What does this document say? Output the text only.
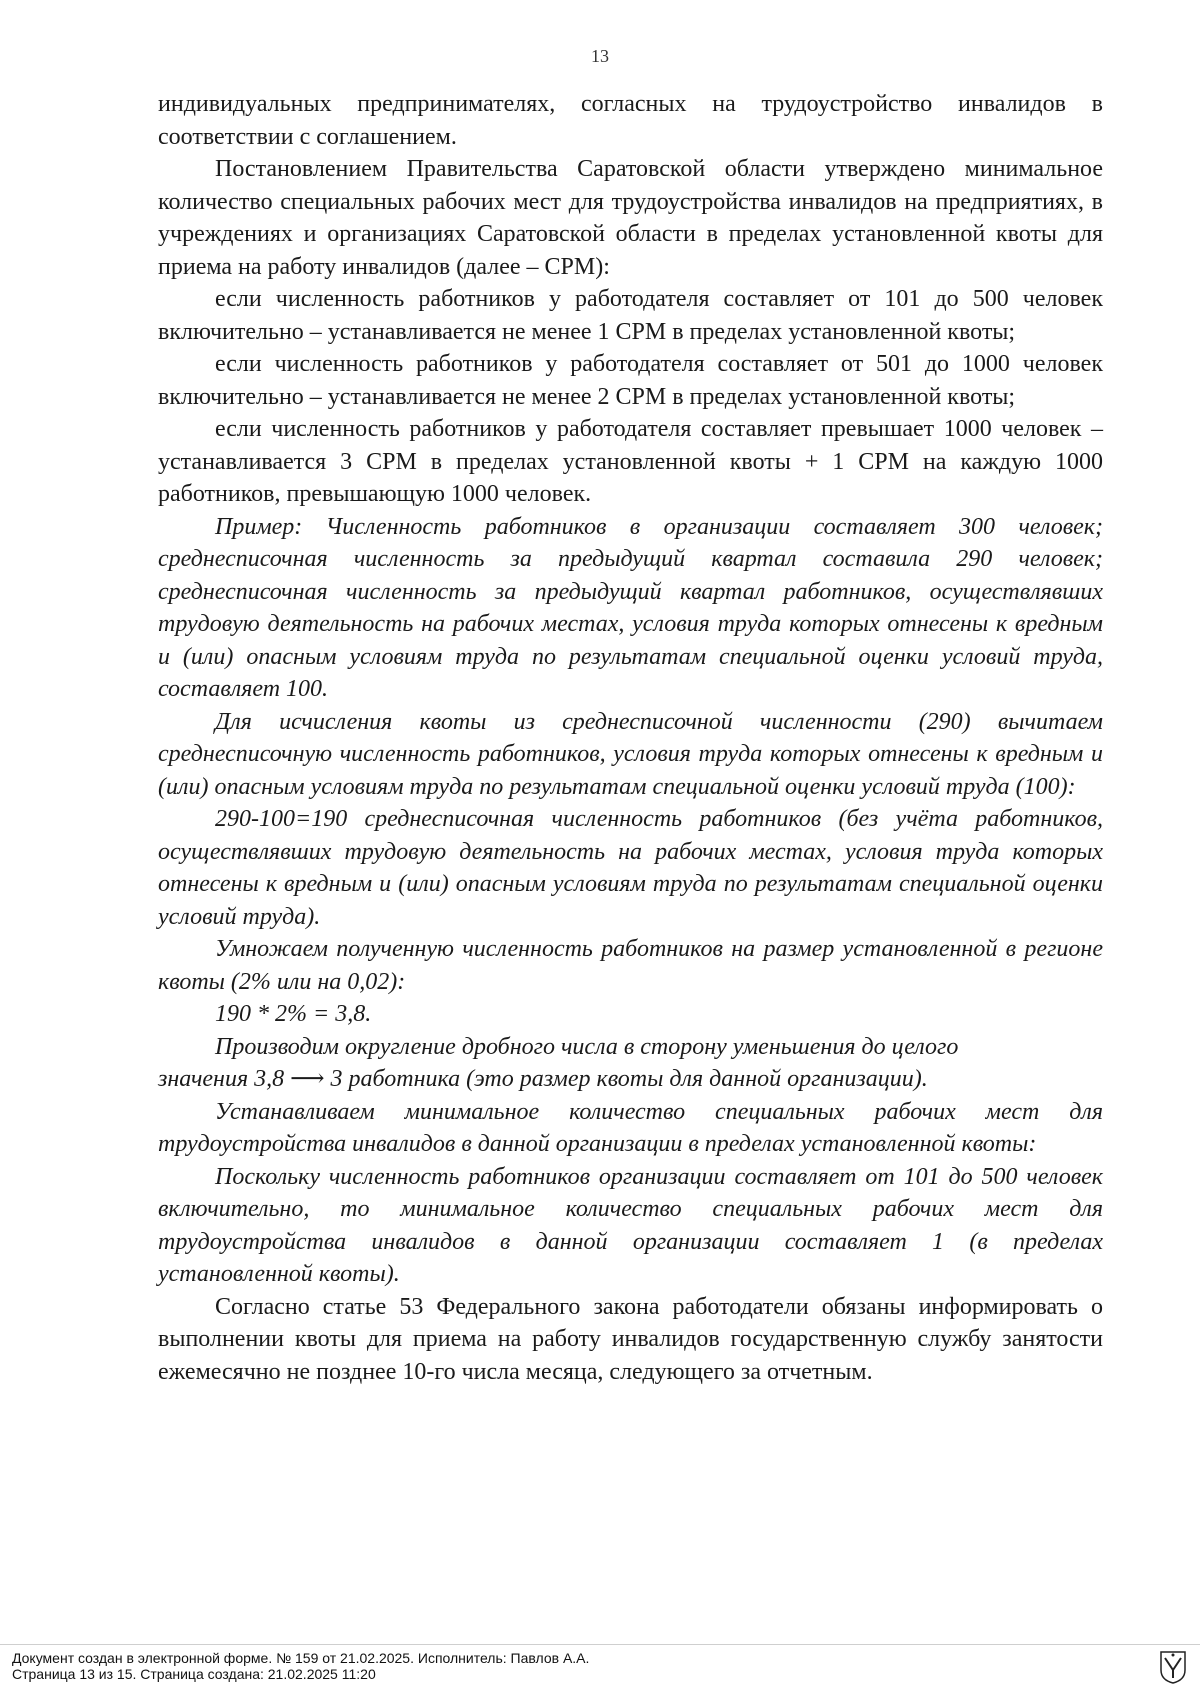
13

индивидуальных предпринимателях, согласных на трудоустройство инвалидов в соответствии с соглашением.

Постановлением Правительства Саратовской области утверждено минимальное количество специальных рабочих мест для трудоустройства инвалидов на предприятиях, в учреждениях и организациях Саратовской области в пределах установленной квоты для приема на работу инвалидов (далее – СРМ):

если численность работников у работодателя составляет от 101 до 500 человек включительно – устанавливается не менее 1 СРМ в пределах установленной квоты;

если численность работников у работодателя составляет от 501 до 1000 человек включительно – устанавливается не менее 2 СРМ в пределах установленной квоты;

если численность работников у работодателя составляет превышает 1000 человек – устанавливается 3 СРМ в пределах установленной квоты + 1 СРМ на каждую 1000 работников, превышающую 1000 человек.

Пример: Численность работников в организации составляет 300 человек; среднесписочная численность за предыдущий квартал составила 290 человек; среднесписочная численность за предыдущий квартал работников, осуществлявших трудовую деятельность на рабочих местах, условия труда которых отнесены к вредным и (или) опасным условиям труда по результатам специальной оценки условий труда, составляет 100.

Для исчисления квоты из среднесписочной численности (290) вычитаем среднесписочную численность работников, условия труда которых отнесены к вредным и (или) опасным условиям труда по результатам специальной оценки условий труда (100):

290-100=190 среднесписочная численность работников (без учёта работников, осуществлявших трудовую деятельность на рабочих местах, условия труда которых отнесены к вредным и (или) опасным условиям труда по результатам специальной оценки условий труда).

Умножаем полученную численность работников на размер установленной в регионе квоты (2% или на 0,02):

190 * 2% = 3,8.

Производим округление дробного числа в сторону уменьшения до целого

значения 3,8 ⟶ 3 работника (это размер квоты для данной организации).

Устанавливаем минимальное количество специальных рабочих мест для трудоустройства инвалидов в данной организации в пределах установленной квоты:

Поскольку численность работников организации составляет от 101 до 500 человек включительно, то минимальное количество специальных рабочих мест для трудоустройства инвалидов в данной организации составляет 1 (в пределах установленной квоты).

Согласно статье 53 Федерального закона работодатели обязаны информировать о выполнении квоты для приема на работу инвалидов государственную службу занятости ежемесячно не позднее 10-го числа месяца, следующего за отчетным.

Документ создан в электронной форме. № 159 от 21.02.2025. Исполнитель: Павлов А.А.
Страница 13 из 15. Страница создана: 21.02.2025 11:20
